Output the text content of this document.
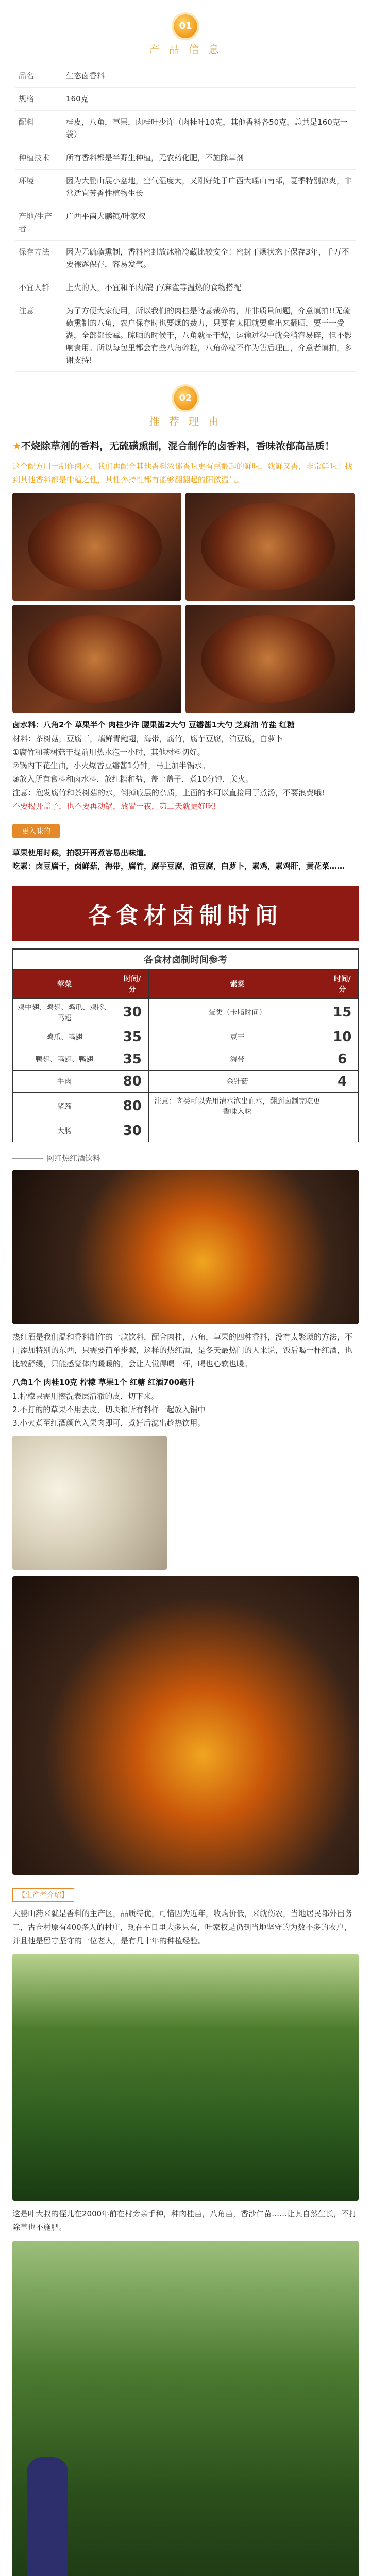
01
产 品 信 息
品名	生态卤香料
规格	160克
配料	桂皮，八角，草果，肉桂叶少许（肉桂叶10克，其他香料各50克，总共是160克一袋）
种植技术	所有香料都是半野生种植，无农药化肥，不施除草剂
环境	因为大鹏山展小盆地，空气湿度大，又刚好处于广西大瑶山南部，夏季特别凉爽，非常适宜芳香性植物生长
产地/生产者	广西平南大鹏镇/叶家权
保存方法	因为无硫磺熏制，香料密封放冰箱冷藏比较安全！密封干燥状态下保存3年，千万不要裸露保存，容易发气。
不宜人群	上火的人，不宜和羊肉/鸽子/麻雀等温热的食物搭配
注意	为了方便大家使用，所以我们的肉桂是特意裁碎的，并非质量问题，介意慎拍!!无硫磺熏制的八角，农户保存时也要燥的费力，只要有太阳就要拿出来翻晒，要干一受湖，全部都长霉。晾晒的时候干，八角就显干燥，运输过程中就会稍容易碎，但不影响食用。所以每包里都会有些八角碎粒，八角碎粒不作为售后理由，介意者慎拍，多谢支持!
02
推 荐 理 由
★不烧除草剂的香料，无硫磺熏制，混合制作的卤香料，香味浓郁高品质！
这个配方用于制作卤水，我们再配合其他香料浓郁香味更有熏翻起的鲜味，就鲜又香，非常鲜味！找到其他香料都是中蕴之性，其性奔持性都有能够翻翻起的阳激温气。
卤水料：八角2个 草果半个 肉桂少许 腰果酱2大勺 豆瓣酱1大勺 芝麻油 竹盐 红糖
材料：茶树菇，豆腐干，藕鲜青鲍翅，海带，腐竹，腐芋豆腐，泊豆腐，白萝卜
①腐竹和茶树菇干提前用热水泡一小时，其他材料切好。
②锅内下花生油，小火爆香豆瓣酱1分钟，马上加半锅水。
③放入所有食料和卤水料，放红糖和盐，盖上盖子，煮10分钟，关火。
注意：泡发腐竹和茶树菇的水，倒掉底层的杂质，上面的水可以直接用于煮汤，不要浪费哦!
不要揭开盖子，也不要再动锅，放置一夜，第二天就更好吃!
更入味的
草果使用时候，拍裂开再煮容易出味道。
吃素：卤豆腐干，卤鲜菇，海带，腐竹，腐芋豆腐，泊豆腐，白萝卜，素鸡，素鸡肝，黄花菜……
各食材卤制时间
各食材卤制时间参考
荤菜	时间/分	素菜	时间/分
鸡中翅、鸡翅、鸡爪、鸡胗、鸭翅	30	蛋类（卡脂时间）	15
鸡爪、鸭翅	35	豆干	10
鸭翅、鸭翅、鸭翅	35	海带	6
牛肉	80	金针菇	4
猪蹄	80	注意：肉类可以先用清水泡出血水，翻到卤制完吃更香味入味	
大肠	30		
网红热红酒饮料
热红酒是我们温和香料制作的一款饮料，配合肉桂，八角，草果的四种香料，没有太繁琐的方法，不用添加特别的东西，只需要简单步骤，这样的热红酒，是冬天最热门的人来说，饭后喝一杯红酒，也比较舒缓，只能感觉体内暖暖的，会让人觉得喝一杯，喝也心软也暖。
八角1个 肉桂10克 柠檬 草果1个 红糖 红酒700毫升
1.柠檬只需用擦洗表层清澈的皮，切下来。
2.不打的的草果不用去皮，切块和所有料样一起放入锅中
3.小火煮至红酒颜色入果肉即可，煮好后滤出趁热饮用。
【生产者介绍】
大鹏山药来就是香料的主产区，品质特优，可惜因为近年，收购价低，来就伤农，当地居民都外出务工，古仓村原有400多人的村庄，现在平日里大多只有，叶家权是仍到当地坚守的为数不多的农户，并且他是留守坚守的一位老人，是有几十年的种植经验。
这是叶大叔的侄儿在2000年前在村旁亲手种，种肉桂苗，八角苗，香沙仁苗……让其自然生长，不打除草也不施肥。
